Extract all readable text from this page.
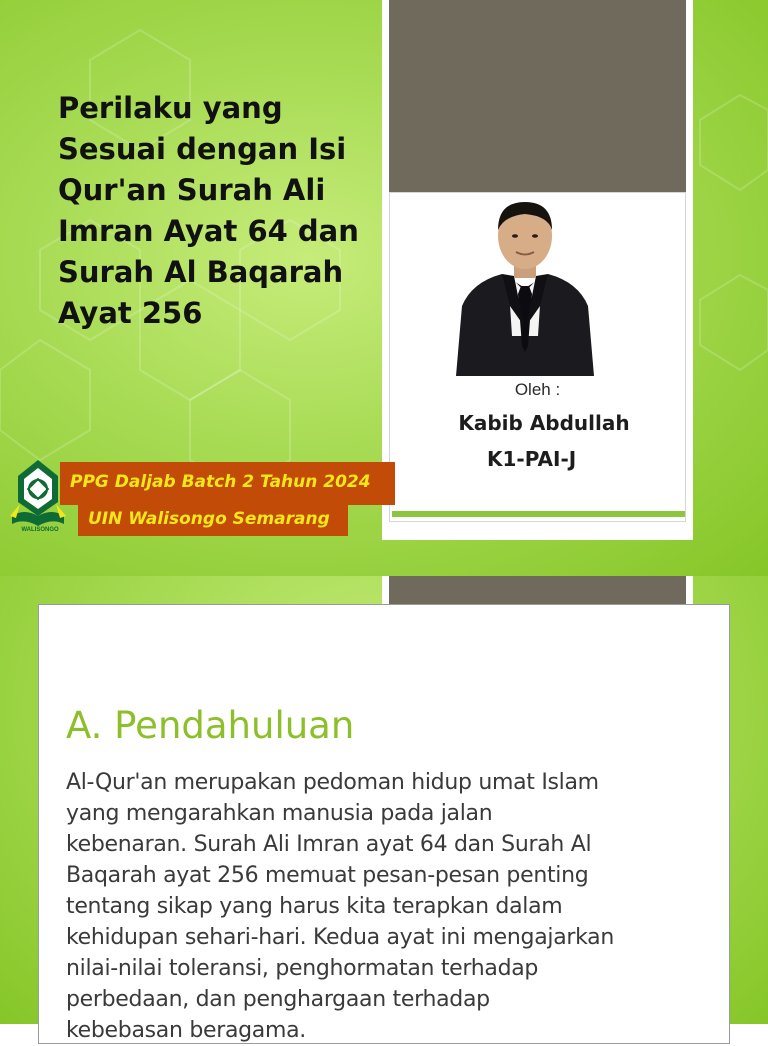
Perilaku yang
Sesuai dengan Isi
Qur'an Surah Ali
Imran Ayat 64 dan
Surah Al Baqarah
Ayat 256
Oleh :
Kabib Abdullah
K1-PAI-J
WALISONGO
PPG Daljab Batch 2 Tahun 2024
UIN Walisongo Semarang
A. Pendahuluan

Al-Qur'an merupakan pedoman hidup umat Islam
yang mengarahkan manusia pada jalan
kebenaran. Surah Ali Imran ayat 64 dan Surah Al
Baqarah ayat 256 memuat pesan-pesan penting
tentang sikap yang harus kita terapkan dalam
kehidupan sehari-hari. Kedua ayat ini mengajarkan
nilai-nilai toleransi, penghormatan terhadap
perbedaan, dan penghargaan terhadap
kebebasan beragama.
